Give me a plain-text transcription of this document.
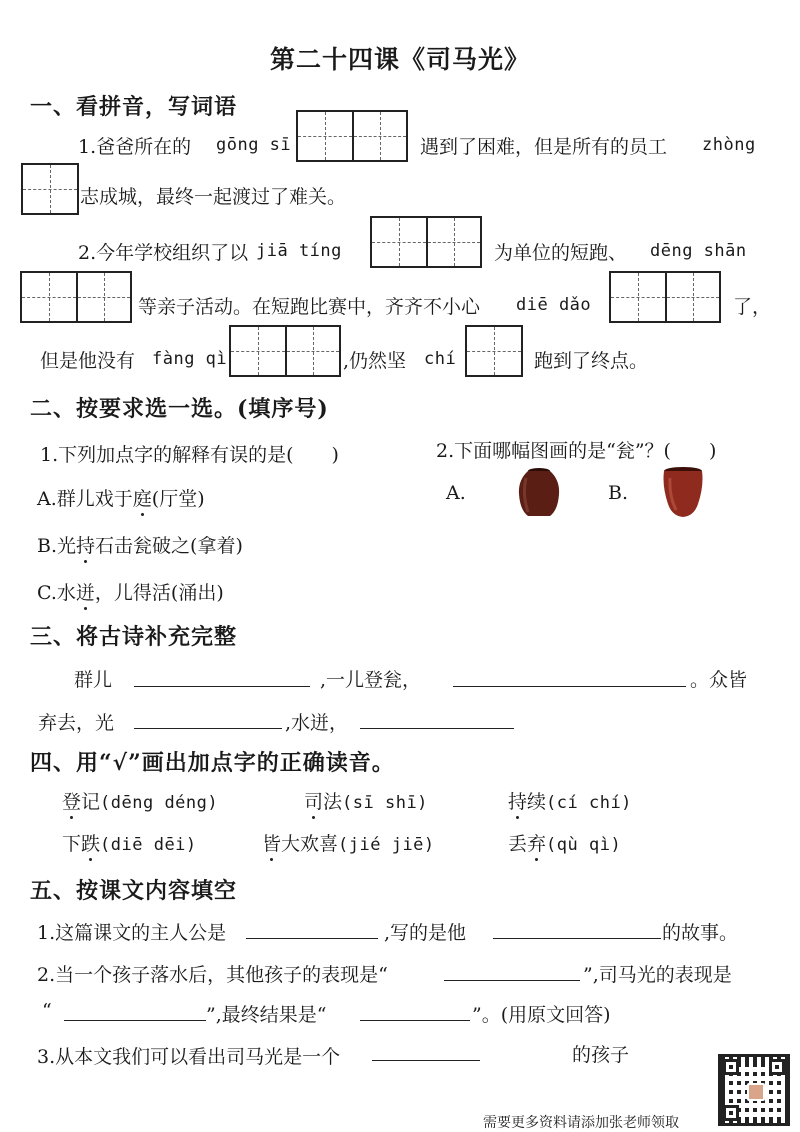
第二十四课《司马光》
一、看拼音，写词语
1.爸爸所在的 gōng sī	遇到了困难，但是所有的员工 zhòng
志成城，最终一起渡过了难关。
2.今年学校组织了以 jiā tíng	为单位的短跑、 dēng shān
等亲子活动。在短跑比赛中，齐齐不小心 diē dǎo	了，
但是他没有 fàng qì	,仍然坚 chí	跑到了终点。
二、按要求选一选。(填序号)
1.下列加点字的解释有误的是(　　)	2.下面哪幅图画的是“瓮”？(　　)
A.群儿戏于庭(厅堂)
B.光持石击瓮破之(拿着)
C.水迸，儿得活(涌出)
A.	B.
三、将古诗补充完整
群儿	,一儿登瓮，	。众皆
弃去，光	,水迸，
四、用“√”画出加点字的正确读音。
登记(dēng déng)	司法(sī shī)	持续(cí chí)
下跌(diē dēi)	皆大欢喜(jié jiē)	丢弃(qù qì)
五、按课文内容填空
1.这篇课文的主人公是	,写的是他	的故事。
2.当一个孩子落水后，其他孩子的表现是“	”,司马光的表现是
“	”,最终结果是“	”。(用原文回答)
3.从本文我们可以看出司马光是一个	的孩子
需要更多资料请添加张老师领取
